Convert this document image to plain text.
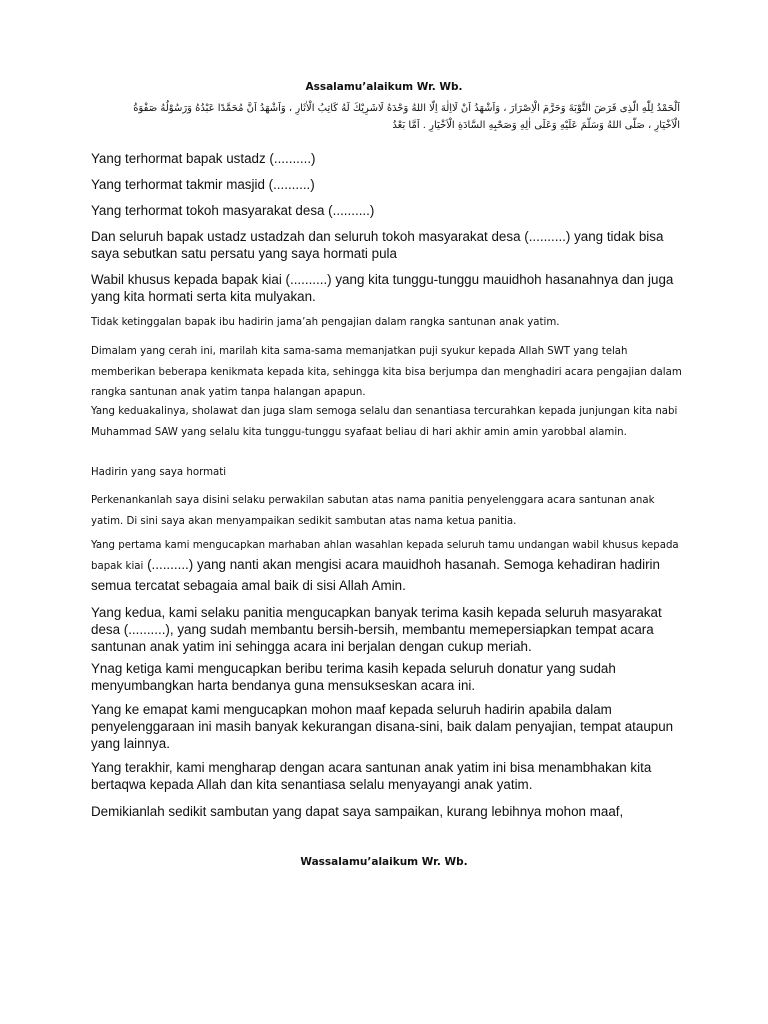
Assalamu’alaikum Wr. Wb.
اَلْحَمْدُ لِلّٰهِ الَّذِى فَرَضَ التَّوْبَةَ وَحَرَّمَ الْاِصْرَارَ ، وَاَشْهَدُ اَنْ لَااِلٰهَ اِلَّا اللهُ وَحْدَهُ لَاشَرِيْكَ لَهُ كَاتِبُ الْاٰثَارِ ، وَاَشْهَدُ اَنَّ مُحَمَّدًا عَبْدُهُ وَرَسُوْلُهُ صَفْوَةُ
الْاَخْيَارِ ، صَلَّى اللهُ وَسَلَّمَ عَلَيْهِ وَعَلَى اٰلِهِ وَصَحْبِهِ السَّادَةِ الْاَخْيَارِ . اَمَّا بَعْدُ

Yang terhormat bapak ustadz (..........)

Yang terhormat takmir masjid (..........)

Yang terhormat tokoh masyarakat desa (..........)

Dan seluruh bapak ustadz ustadzah dan seluruh tokoh masyarakat desa (..........) yang tidak bisa saya sebutkan satu persatu yang saya hormati pula

Wabil khusus kepada bapak kiai (..........) yang kita tunggu-tunggu mauidhoh hasanahnya dan juga yang kita hormati serta kita mulyakan.

Tidak ketinggalan bapak ibu hadirin jama’ah pengajian dalam rangka santunan anak yatim.

Dimalam yang cerah ini, marilah kita sama-sama memanjatkan puji syukur kepada Allah SWT yang telah memberikan beberapa kenikmata kepada kita, sehingga kita bisa berjumpa dan menghadiri acara pengajian dalam rangka santunan anak yatim tanpa halangan apapun.

Yang keduakalinya, sholawat dan juga slam semoga selalu dan senantiasa tercurahkan kepada junjungan kita nabi Muhammad SAW yang selalu kita tunggu-tunggu syafaat beliau di hari akhir amin amin yarobbal alamin.

Hadirin yang saya hormati

Perkenankanlah saya disini selaku perwakilan sabutan atas nama panitia penyelenggara acara santunan anak yatim. Di sini saya akan menyampaikan sedikit sambutan atas nama ketua panitia.

Yang pertama kami mengucapkan marhaban ahlan wasahlan kepada seluruh tamu undangan wabil khusus kepada bapak kiai (..........) yang nanti akan mengisi acara mauidhoh hasanah. Semoga kehadiran hadirin semua tercatat sebagaia amal baik di sisi Allah Amin.

Yang kedua, kami selaku panitia mengucapkan banyak terima kasih kepada seluruh masyarakat desa (..........), yang sudah membantu bersih-bersih, membantu memepersiapkan tempat acara santunan anak yatim ini sehingga acara ini berjalan dengan cukup meriah.

Ynag ketiga kami mengucapkan beribu terima kasih kepada seluruh donatur yang sudah menyumbangkan harta bendanya guna mensukseskan acara ini.

Yang ke emapat kami mengucapkan mohon maaf kepada seluruh hadirin apabila dalam penyelenggaraan ini masih banyak kekurangan disana-sini, baik dalam penyajian, tempat ataupun yang lainnya.

Yang terakhir, kami mengharap dengan acara santunan anak yatim ini bisa menambhakan kita bertaqwa kepada Allah dan kita senantiasa selalu menyayangi anak yatim.

Demikianlah sedikit sambutan yang dapat saya sampaikan, kurang lebihnya mohon maaf,

Wassalamu’alaikum Wr. Wb.
